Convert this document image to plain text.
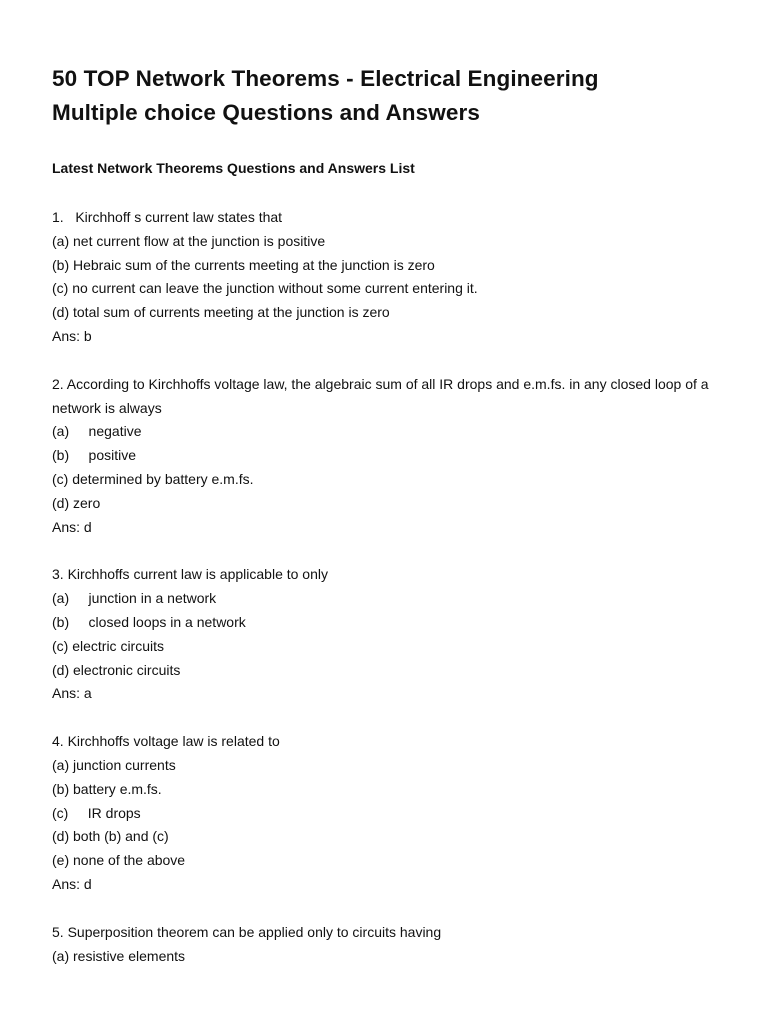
50 TOP Network Theorems - Electrical Engineering
Multiple choice Questions and Answers
Latest Network Theorems Questions and Answers List

1.   Kirchhoff s current law states that

(a) net current flow at the junction is positive

(b) Hebraic sum of the currents meeting at the junction is zero

(c) no current can leave the junction without some current entering it.

(d) total sum of currents meeting at the junction is zero

Ans: b

2. According to Kirchhoffs voltage law, the algebraic sum of all IR drops and e.m.fs. in any closed loop of a network is always

(a)     negative

(b)     positive

(c) determined by battery e.m.fs.

(d) zero

Ans: d

3. Kirchhoffs current law is applicable to only

(a)     junction in a network

(b)     closed loops in a network

(c) electric circuits

(d) electronic circuits

Ans: a

4. Kirchhoffs voltage law is related to

(a) junction currents

(b) battery e.m.fs.

(c)     IR drops

(d) both (b) and (c)

(e) none of the above

Ans: d

5. Superposition theorem can be applied only to circuits having

(a) resistive elements
